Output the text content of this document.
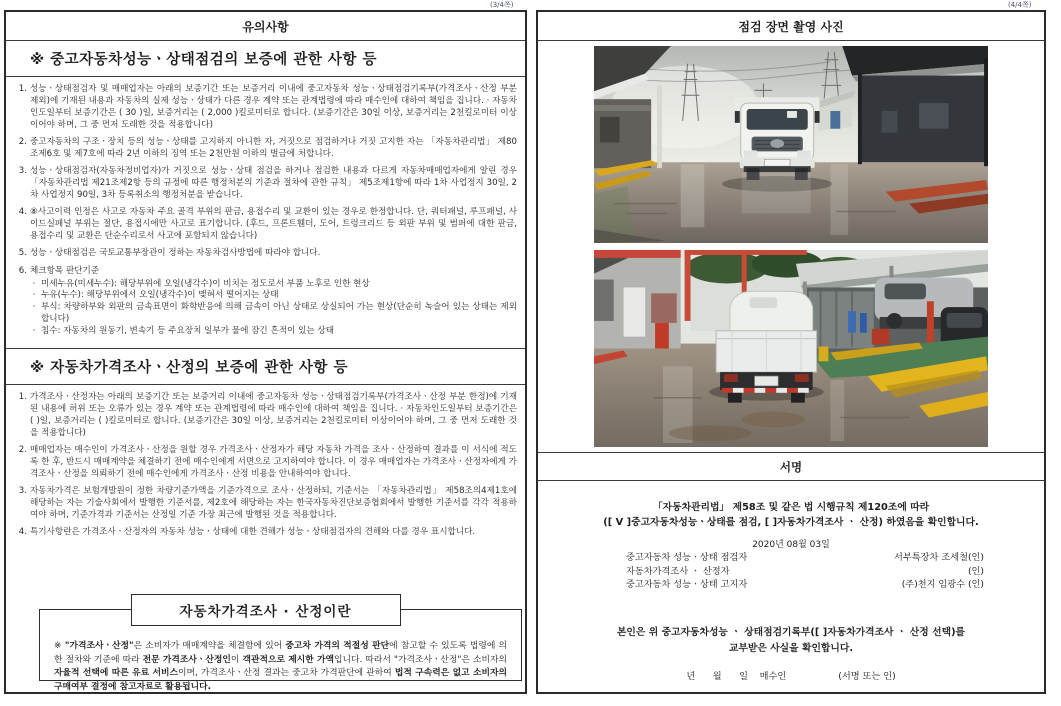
(3/4쪽)	(4/4쪽)
유의사항
※ 중고자동차성능ㆍ상태점검의 보증에 관한 사항 등
1. 성능ㆍ상태점검자 및 매매업자는 아래의 보증기간 또는 보증거리 이내에 중고자동차 성능ㆍ상태점검기록부(가격조사ㆍ산정 부분 제외)에 기재된 내용과 자동차의 실제 성능ㆍ상태가 다른 경우 계약 또는 관계법령에 따라 매수인에 대하여 책임을 집니다. · 자동차인도일부터 보증기간은 ( 30 )일, 보증거리는 ( 2,000 )킬로미터로 합니다. (보증기간은 30일 이상, 보증거리는 2천킬로미터 이상이어야 하며, 그 중 먼저 도래한 것을 적용합니다)
2. 중고자동차의 구조ㆍ장치 등의 성능ㆍ상태를 고지하지 아니한 자, 거짓으로 점검하거나 거짓 고지한 자는 「자동차관리법」 제80조제6호 및 제7호에 따라 2년 이하의 징역 또는 2천만원 이하의 벌금에 처합니다.
3. 성능ㆍ상태점검자(자동차정비업자)가 거짓으로 성능ㆍ상태 점검을 하거나 점검한 내용과 다르게 자동차매매업자에게 알린 경우 「자동차관리법 제21조제2항 등의 규정에 따른 행정처분의 기준과 절차에 관한 규칙」 제5조제1항에 따라 1차 사업정지 30일, 2차 사업정지 90일, 3차 등록취소의 행정처분을 받습니다.
4. ⑧사고이력 인정은 사고로 자동차 주요 골격 부위의 판금, 용접수리 및 교환이 있는 경우로 한정합니다. 단, 쿼터패널, 루프패널, 사이드실패널 부위는 절단, 용접시에만 사고로 표기합니다. (후드, 프론트휀더, 도어, 트렁크리드 등 외판 부위 및 범퍼에 대한 판금, 용접수리 및 교환은 단순수리로서 사고에 포함되지 않습니다)
5. 성능ㆍ상태점검은 국토교통부장관이 정하는 자동차검사방법에 따라야 합니다.
6. 체크항목 판단기준
· 미세누유(미세누수): 해당부위에 오일(냉각수)이 비치는 정도로서 부품 노후로 인한 현상
· 누유(누수): 해당부위에서 오일(냉각수)이 맺혀서 떨어지는 상태
· 부식: 차량하부와 외판의 금속표면이 화학반응에 의해 금속이 아닌 상태로 상실되어 가는 현상(단순히 녹슬어 있는 상태는 제외합니다)
· 침수: 자동차의 원동기, 변속기 등 주요장치 일부가 물에 잠긴 흔적이 있는 상태
※ 자동차가격조사ㆍ산정의 보증에 관한 사항 등
1. 가격조사ㆍ산정자는 아래의 보증기간 또는 보증거리 이내에 중고자동차 성능ㆍ상태점검기록부(가격조사ㆍ산정 부분 한정)에 기재된 내용에 허위 또는 오류가 있는 경우 계약 또는 관계법령에 따라 매수인에 대하여 책임을 집니다. · 자동차인도일부터 보증기간은 ( )일, 보증거리는 ( )킬로미터로 합니다. (보증기간은 30일 이상, 보증거리는 2천킬로미터 이상이어야 하며, 그 중 먼저 도래한 것을 적용합니다)
2. 매매업자는 매수인이 가격조사ㆍ산정을 원할 경우 가격조사ㆍ산정자가 해당 자동차 가격을 조사ㆍ산정하여 결과를 이 서식에 적도록 한 후, 반드시 매매계약을 체결하기 전에 매수인에게 서면으로 고지하여야 합니다. 이 경우 매매업자는 가격조사ㆍ산정자에게 가격조사ㆍ산정을 의뢰하기 전에 매수인에게 가격조사ㆍ산정 비용을 안내하여야 합니다.
3. 자동차가격은 보험개발원이 정한 차량기준가액을 기준가격으로 조사ㆍ산정하되, 기준서는 「자동차관리법」 제58조의4제1호에 해당하는 자는 기술사회에서 발행한 기준서를, 제2호에 해당하는 자는 한국자동차진단보증협회에서 발행한 기준서를 각각 적용하여야 하며, 기준가격과 기준서는 산정일 기준 가장 최근에 발행된 것을 적용합니다.
4. 특기사항란은 가격조사ㆍ산정자의 자동차 성능ㆍ상태에 대한 견해가 성능ㆍ상태점검자의 견해와 다를 경우 표시합니다.
자동차가격조사 · 산정이란
※ "가격조사ㆍ산정"은 소비자가 매매계약을 체결함에 있어 중고차 가격의 적절성 판단에 참고할 수 있도록 법령에 의한 절차와 기준에 따라 전문 가격조사ㆍ산정인이 객관적으로 제시한 가액입니다. 따라서 "가격조사ㆍ산정"은 소비자의 자율적 선택에 따른 유료 서비스이며, 가격조사ㆍ산정 결과는 중고차 가격판단에 관하여 법적 구속력은 없고 소비자의 구매여부 결정에 참고자료로 활용됩니다.
점검 장면 촬영 사진
서명
「자동차관리법」 제58조 및 같은 법 시행규칙 제120조에 따라
([ V ]중고자동차성능ㆍ상태를 점검, [ ]자동차가격조사 ㆍ 산정) 하였음을 확인합니다.
2020년 08월 03일
중고자동차 성능ㆍ상태 점검자	서부특장차 조세철(인)
자동차가격조사 ㆍ 산정자	(인)
중고자동차 성능ㆍ상태 고지자	(주)천지 임광수 (인)
본인은 위 중고자동차성능 ㆍ 상태점검기록부([ ]자동차가격조사 ㆍ 산정 선택)를
교부받은 사실을 확인합니다.
년      월      일    매수인	(서명 또는 인)
